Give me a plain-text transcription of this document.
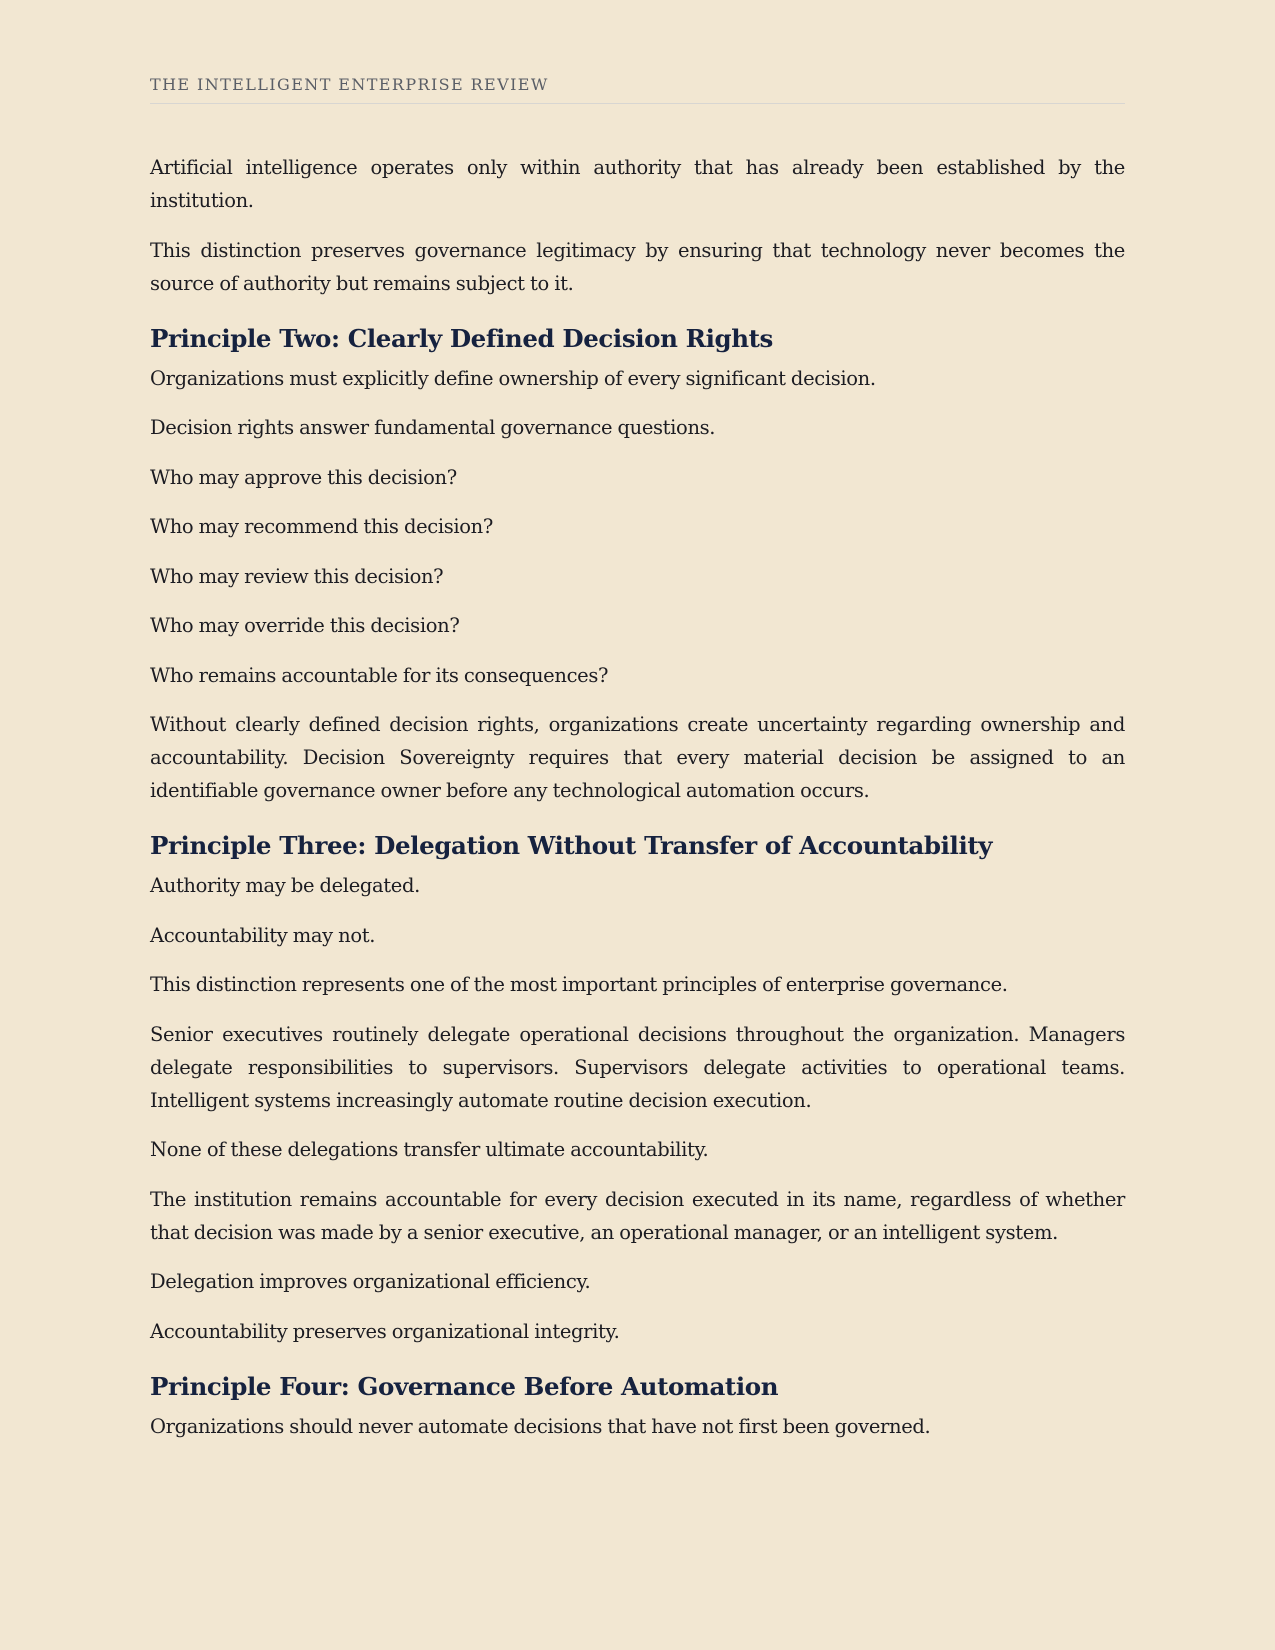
THE INTELLIGENT ENTERPRISE REVIEW

Artificial intelligence operates only within authority that has already been established by the institution.

This distinction preserves governance legitimacy by ensuring that technology never becomes the source of authority but remains subject to it.

Principle Two: Clearly Defined Decision Rights

Organizations must explicitly define ownership of every significant decision.

Decision rights answer fundamental governance questions.

Who may approve this decision?

Who may recommend this decision?

Who may review this decision?

Who may override this decision?

Who remains accountable for its consequences?

Without clearly defined decision rights, organizations create uncertainty regarding ownership and accountability. Decision Sovereignty requires that every material decision be assigned to an identifiable governance owner before any technological automation occurs.

Principle Three: Delegation Without Transfer of Accountability

Authority may be delegated.

Accountability may not.

This distinction represents one of the most important principles of enterprise governance.

Senior executives routinely delegate operational decisions throughout the organization. Managers delegate responsibilities to supervisors. Supervisors delegate activities to operational teams. Intelligent systems increasingly automate routine decision execution.

None of these delegations transfer ultimate accountability.

The institution remains accountable for every decision executed in its name, regardless of whether that decision was made by a senior executive, an operational manager, or an intelligent system.

Delegation improves organizational efficiency.

Accountability preserves organizational integrity.

Principle Four: Governance Before Automation

Organizations should never automate decisions that have not first been governed.
